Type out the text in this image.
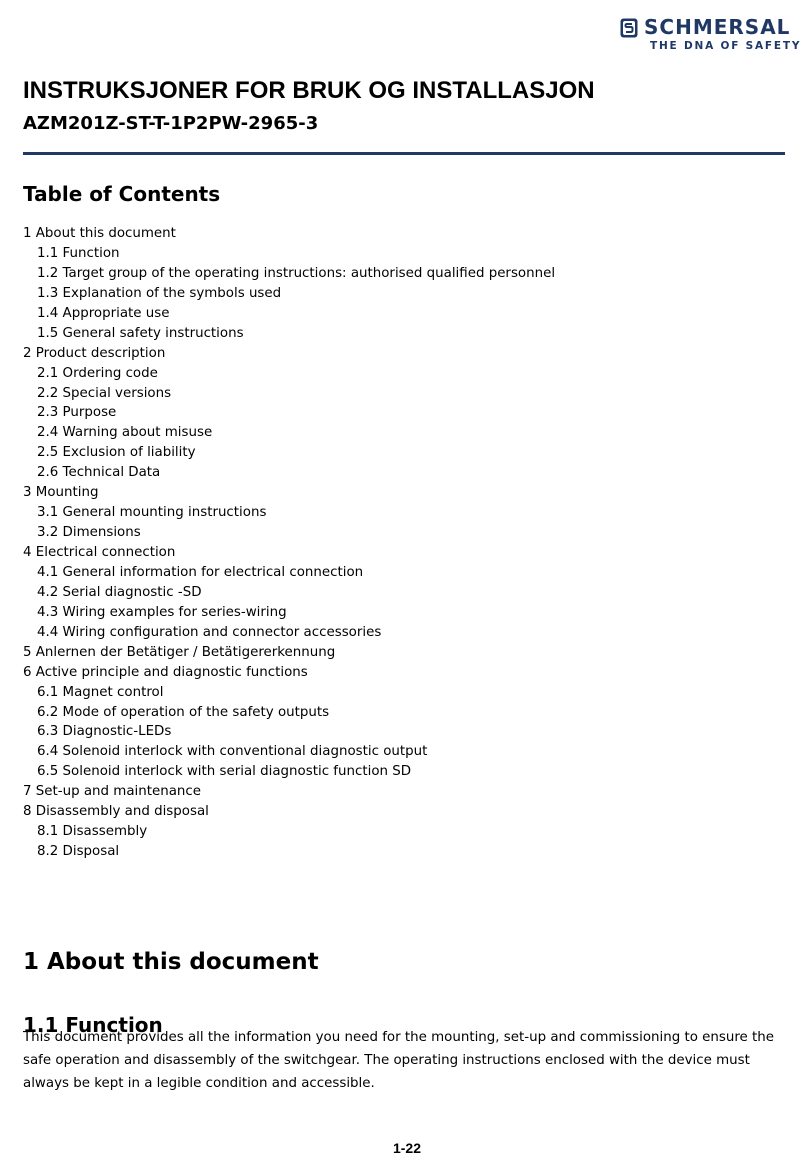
SCHMERSAL
THE DNA OF SAFETY
INSTRUKSJONER FOR BRUK OG INSTALLASJON
AZM201Z-ST-T-1P2PW-2965-3
Table of Contents
1 About this document
1.1 Function
1.2 Target group of the operating instructions: authorised qualified personnel
1.3 Explanation of the symbols used
1.4 Appropriate use
1.5 General safety instructions
2 Product description
2.1 Ordering code
2.2 Special versions
2.3 Purpose
2.4 Warning about misuse
2.5 Exclusion of liability
2.6 Technical Data
3 Mounting
3.1 General mounting instructions
3.2 Dimensions
4 Electrical connection
4.1 General information for electrical connection
4.2 Serial diagnostic -SD
4.3 Wiring examples for series-wiring
4.4 Wiring configuration and connector accessories
5 Anlernen der Betätiger / Betätigererkennung
6 Active principle and diagnostic functions
6.1 Magnet control
6.2 Mode of operation of the safety outputs
6.3 Diagnostic-LEDs
6.4 Solenoid interlock with conventional diagnostic output
6.5 Solenoid interlock with serial diagnostic function SD
7 Set-up and maintenance
8 Disassembly and disposal
8.1 Disassembly
8.2 Disposal
1 About this document
1.1 Function

This document provides all the information you need for the mounting, set-up and commissioning to ensure the safe operation and disassembly of the switchgear. The operating instructions enclosed with the device must always be kept in a legible condition and accessible.

1-22
